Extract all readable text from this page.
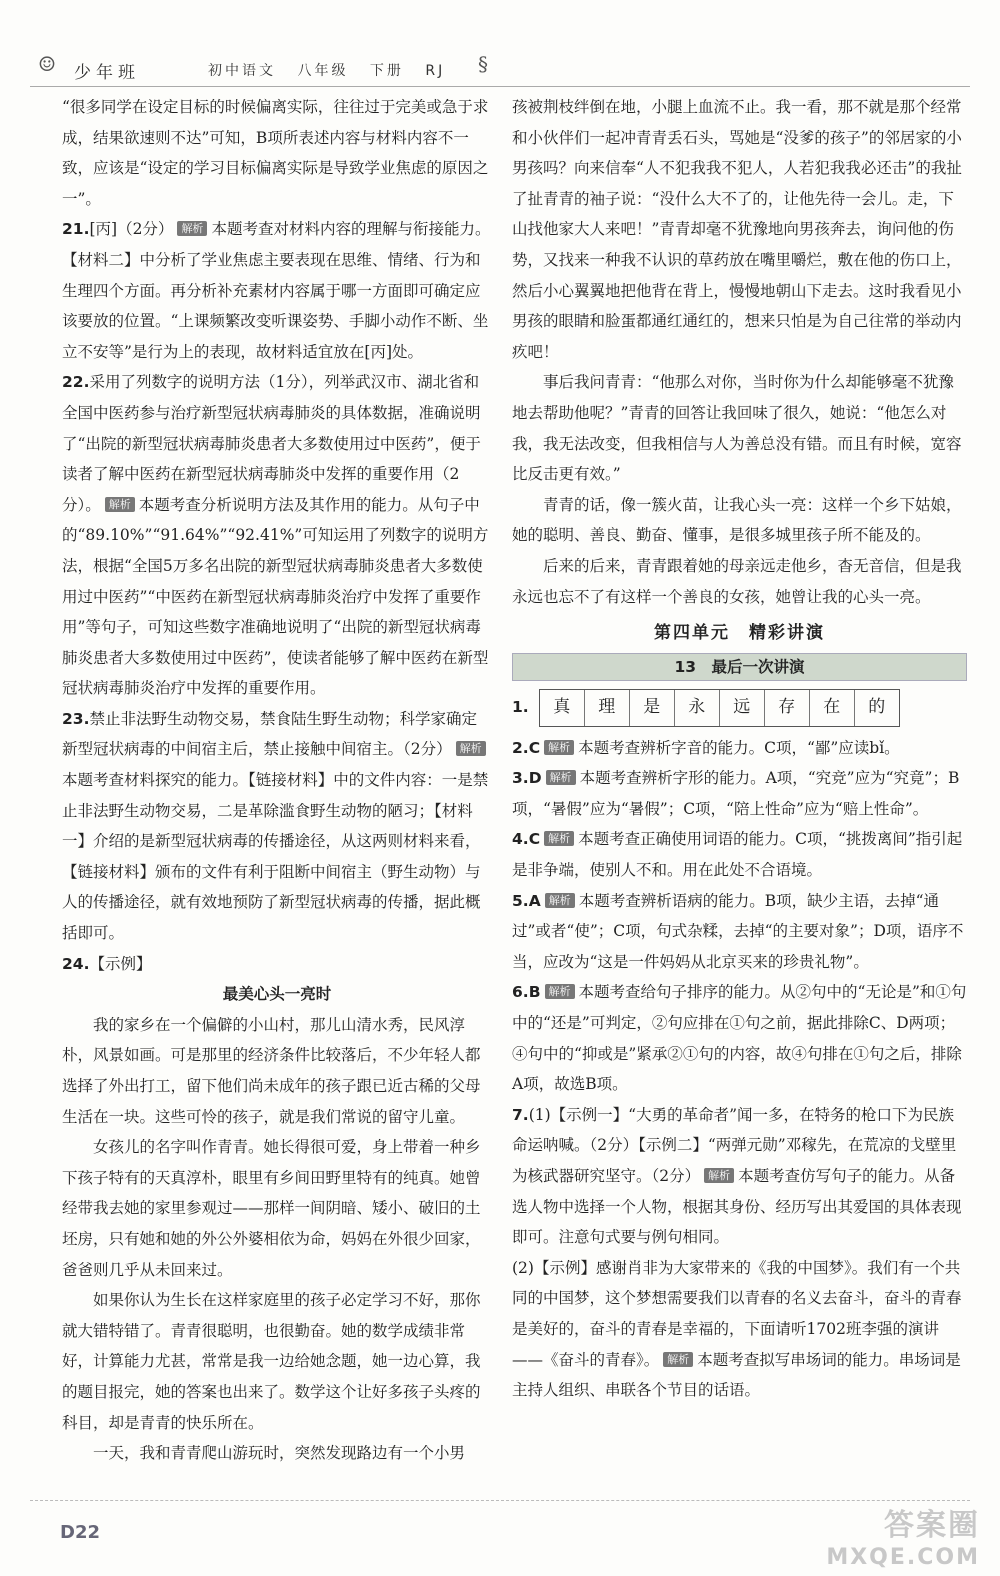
☺ 少年班	初中语文 八年级 下册 RJ	§

“很多同学在设定目标的时候偏离实际，往往过于完美或急于求成，结果欲速则不达”可知，B项所表述内容与材料内容不一致，应该是“设定的学习目标偏离实际是导致学业焦虑的原因之一”。

21.[丙]（2分） 解析 本题考查对材料内容的理解与衔接能力。【材料二】中分析了学业焦虑主要表现在思维、情绪、行为和生理四个方面。再分析补充素材内容属于哪一方面即可确定应该要放的位置。“上课频繁改变听课姿势、手脚小动作不断、坐立不安等”是行为上的表现，故材料适宜放在[丙]处。

22.采用了列数字的说明方法（1分），列举武汉市、湖北省和全国中医药参与治疗新型冠状病毒肺炎的具体数据，准确说明了“出院的新型冠状病毒肺炎患者大多数使用过中医药”，便于读者了解中医药在新型冠状病毒肺炎中发挥的重要作用（2分）。 解析 本题考查分析说明方法及其作用的能力。从句子中的“89.10%”“91.64%”“92.41%”可知运用了列数字的说明方法，根据“全国5万多名出院的新型冠状病毒肺炎患者大多数使用过中医药”“中医药在新型冠状病毒肺炎治疗中发挥了重要作用”等句子，可知这些数字准确地说明了“出院的新型冠状病毒肺炎患者大多数使用过中医药”，使读者能够了解中医药在新型冠状病毒肺炎治疗中发挥的重要作用。

23.禁止非法野生动物交易，禁食陆生野生动物；科学家确定新型冠状病毒的中间宿主后，禁止接触中间宿主。（2分） 解析本题考查材料探究的能力。【链接材料】中的文件内容：一是禁止非法野生动物交易，二是革除滥食野生动物的陋习；【材料一】介绍的是新型冠状病毒的传播途径，从这两则材料来看，【链接材料】颁布的文件有利于阻断中间宿主（野生动物）与人的传播途径，就有效地预防了新型冠状病毒的传播，据此概括即可。

24.【示例】

最美心头一亮时

我的家乡在一个偏僻的小山村，那儿山清水秀，民风淳朴，风景如画。可是那里的经济条件比较落后，不少年轻人都选择了外出打工，留下他们尚未成年的孩子跟已近古稀的父母生活在一块。这些可怜的孩子，就是我们常说的留守儿童。

女孩儿的名字叫作青青。她长得很可爱，身上带着一种乡下孩子特有的天真淳朴，眼里有乡间田野里特有的纯真。她曾经带我去她的家里参观过——那样一间阴暗、矮小、破旧的土坯房，只有她和她的外公外婆相依为命，妈妈在外很少回家，爸爸则几乎从未回来过。

如果你认为生长在这样家庭里的孩子必定学习不好，那你就大错特错了。青青很聪明，也很勤奋。她的数学成绩非常好，计算能力尤甚，常常是我一边给她念题，她一边心算，我的题目报完，她的答案也出来了。数学这个让好多孩子头疼的科目，却是青青的快乐所在。

一天，我和青青爬山游玩时，突然发现路边有一个小男

孩被荆枝绊倒在地，小腿上血流不止。我一看，那不就是那个经常和小伙伴们一起冲青青丢石头，骂她是“没爹的孩子”的邻居家的小男孩吗？向来信奉“人不犯我我不犯人，人若犯我我必还击”的我扯了扯青青的袖子说：“没什么大不了的，让他先待一会儿。走，下山找他家大人来吧！”青青却毫不犹豫地向男孩奔去，询问他的伤势，又找来一种我不认识的草药放在嘴里嚼烂，敷在他的伤口上，然后小心翼翼地把他背在背上，慢慢地朝山下走去。这时我看见小男孩的眼睛和脸蛋都通红通红的，想来只怕是为自己往常的举动内疚吧！

事后我问青青：“他那么对你，当时你为什么却能够毫不犹豫地去帮助他呢？”青青的回答让我回味了很久，她说：“他怎么对我，我无法改变，但我相信与人为善总没有错。而且有时候，宽容比反击更有效。”

青青的话，像一簇火苗，让我心头一亮：这样一个乡下姑娘，她的聪明、善良、勤奋、懂事，是很多城里孩子所不能及的。

后来的后来，青青跟着她的母亲远走他乡，杳无音信，但是我永远也忘不了有这样一个善良的女孩，她曾让我的心头一亮。

第四单元　精彩讲演
13　最后一次讲演
1.	真	理	是	永	远	存	在	的

2.C 解析 本题考查辨析字音的能力。C项，“鄙”应读bǐ。

3.D 解析 本题考查辨析字形的能力。A项，“究竞”应为“究竟”；B项，“暑假”应为“暑假”；C项，“陪上性命”应为“赔上性命”。

4.C 解析 本题考查正确使用词语的能力。C项，“挑拨离间”指引起是非争端，使别人不和。用在此处不合语境。

5.A 解析 本题考查辨析语病的能力。B项，缺少主语，去掉“通过”或者“使”；C项，句式杂糅，去掉“的主要对象”；D项，语序不当，应改为“这是一件妈妈从北京买来的珍贵礼物”。

6.B 解析 本题考查给句子排序的能力。从②句中的“无论是”和①句中的“还是”可判定，②句应排在①句之前，据此排除C、D两项；④句中的“抑或是”紧承②①句的内容，故④句排在①句之后，排除A项，故选B项。

7.(1)【示例一】“大勇的革命者”闻一多，在特务的枪口下为民族命运呐喊。（2分）【示例二】“两弹元勋”邓稼先，在荒凉的戈壁里为核武器研究坚守。（2分） 解析 本题考查仿写句子的能力。从备选人物中选择一个人物，根据其身份、经历写出其爱国的具体表现即可。注意句式要与例句相同。

(2)【示例】感谢肖非为大家带来的《我的中国梦》。我们有一个共同的中国梦，这个梦想需要我们以青春的名义去奋斗，奋斗的青春是美好的，奋斗的青春是幸福的，下面请听1702班李强的演讲——《奋斗的青春》。 解析 本题考查拟写串场词的能力。串场词是主持人组织、串联各个节目的话语。

D22	答案圈
MXQE.COM
